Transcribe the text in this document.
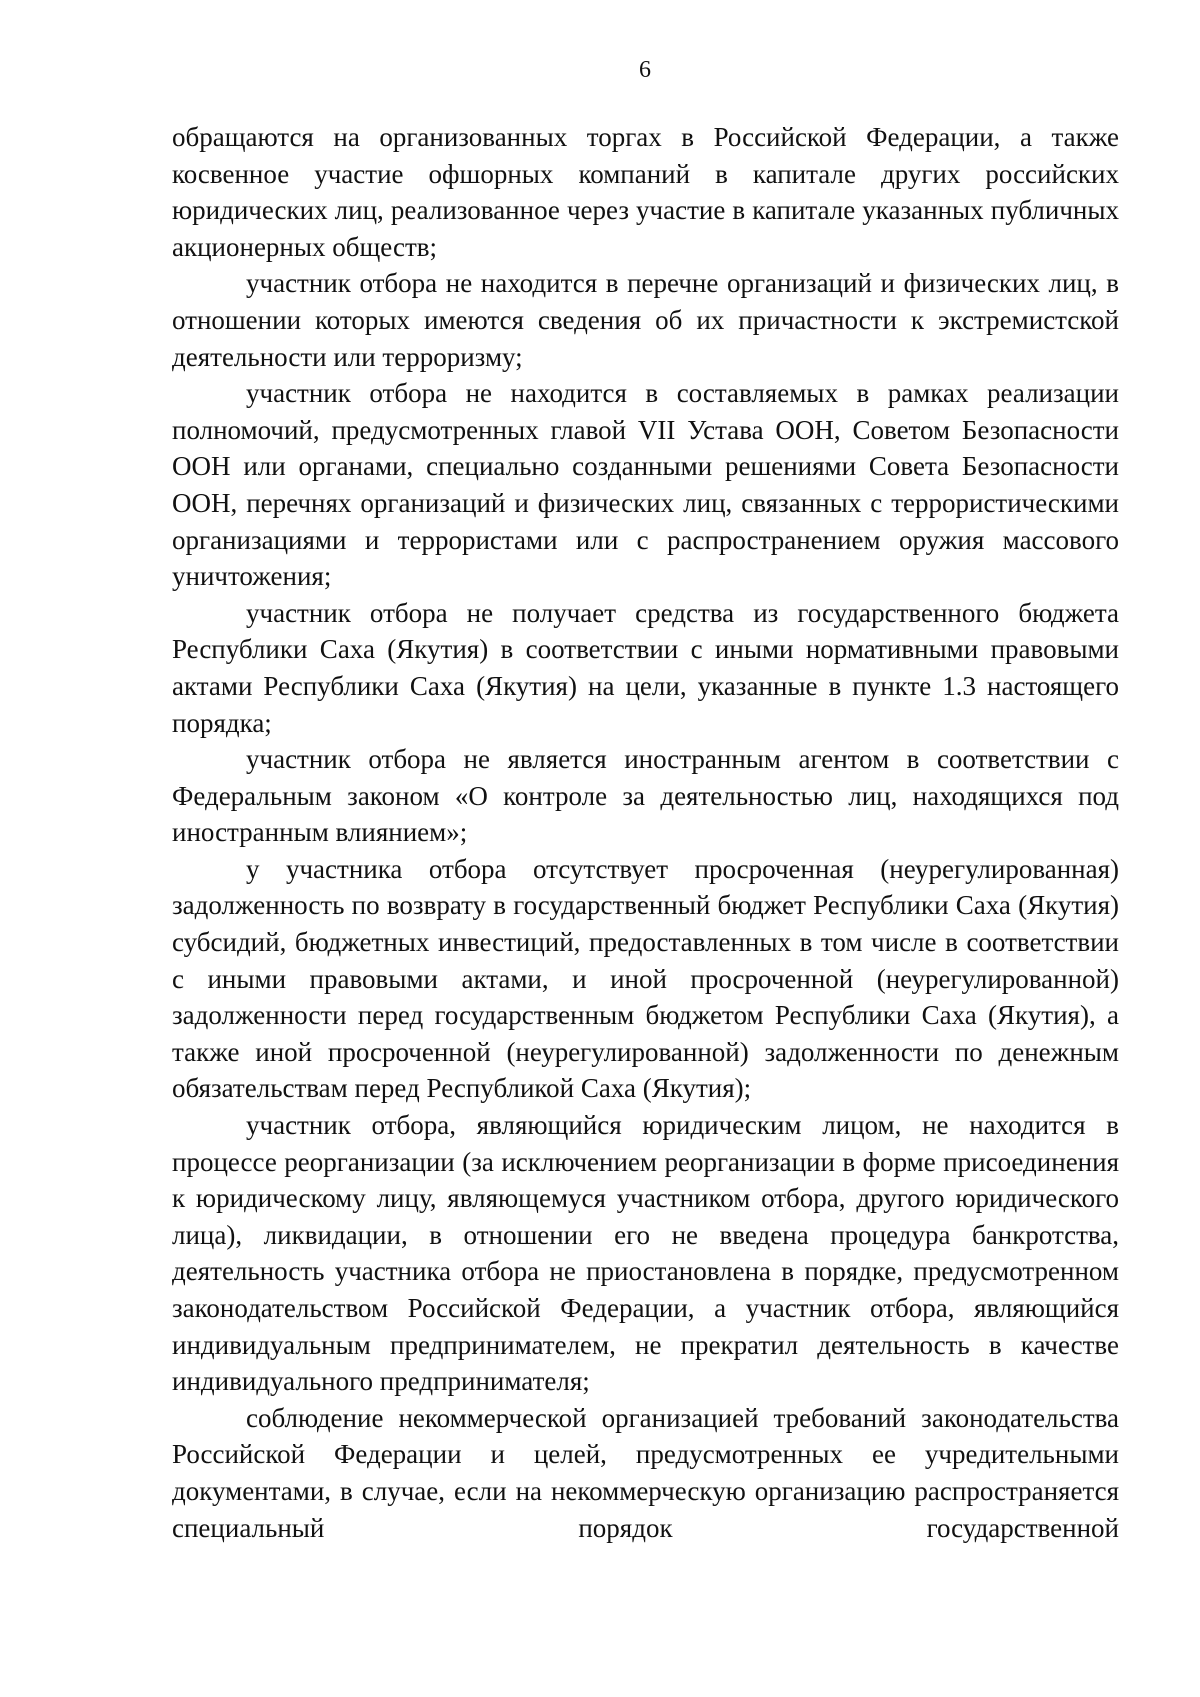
6

обращаются на организованных торгах в Российской Федерации, а также косвенное участие офшорных компаний в капитале других российских юридических лиц, реализованное через участие в капитале указанных публичных акционерных обществ;

участник отбора не находится в перечне организаций и физических лиц, в отношении которых имеются сведения об их причастности к экстремистской деятельности или терроризму;

участник отбора не находится в составляемых в рамках реализации полномочий, предусмотренных главой VII Устава ООН, Советом Безопасности ООН или органами, специально созданными решениями Совета Безопасности ООН, перечнях организаций и физических лиц, связанных с террористическими организациями и террористами или с распространением оружия массового уничтожения;

участник отбора не получает средства из государственного бюджета Республики Саха (Якутия) в соответствии с иными нормативными правовыми актами Республики Саха (Якутия) на цели, указанные в пункте 1.3 настоящего порядка;

участник отбора не является иностранным агентом в соответствии с Федеральным законом «О контроле за деятельностью лиц, находящихся под иностранным влиянием»;

у участника отбора отсутствует просроченная (неурегулированная) задолженность по возврату в государственный бюджет Республики Саха (Якутия) субсидий, бюджетных инвестиций, предоставленных в том числе в соответствии с иными правовыми актами, и иной просроченной (неурегулированной) задолженности перед государственным бюджетом Республики Саха (Якутия), а также иной просроченной (неурегулированной) задолженности по денежным обязательствам перед Республикой Саха (Якутия);

участник отбора, являющийся юридическим лицом, не находится в процессе реорганизации (за исключением реорганизации в форме присоединения к юридическому лицу, являющемуся участником отбора, другого юридического лица), ликвидации, в отношении его не введена процедура банкротства, деятельность участника отбора не приостановлена в порядке, предусмотренном законодательством Российской Федерации, а участник отбора, являющийся индивидуальным предпринимателем, не прекратил деятельность в качестве индивидуального предпринимателя;

соблюдение некоммерческой организацией требований законодательства Российской Федерации и целей, предусмотренных ее учредительными документами, в случае, если на некоммерческую организацию распространяется специальный порядок государственной
